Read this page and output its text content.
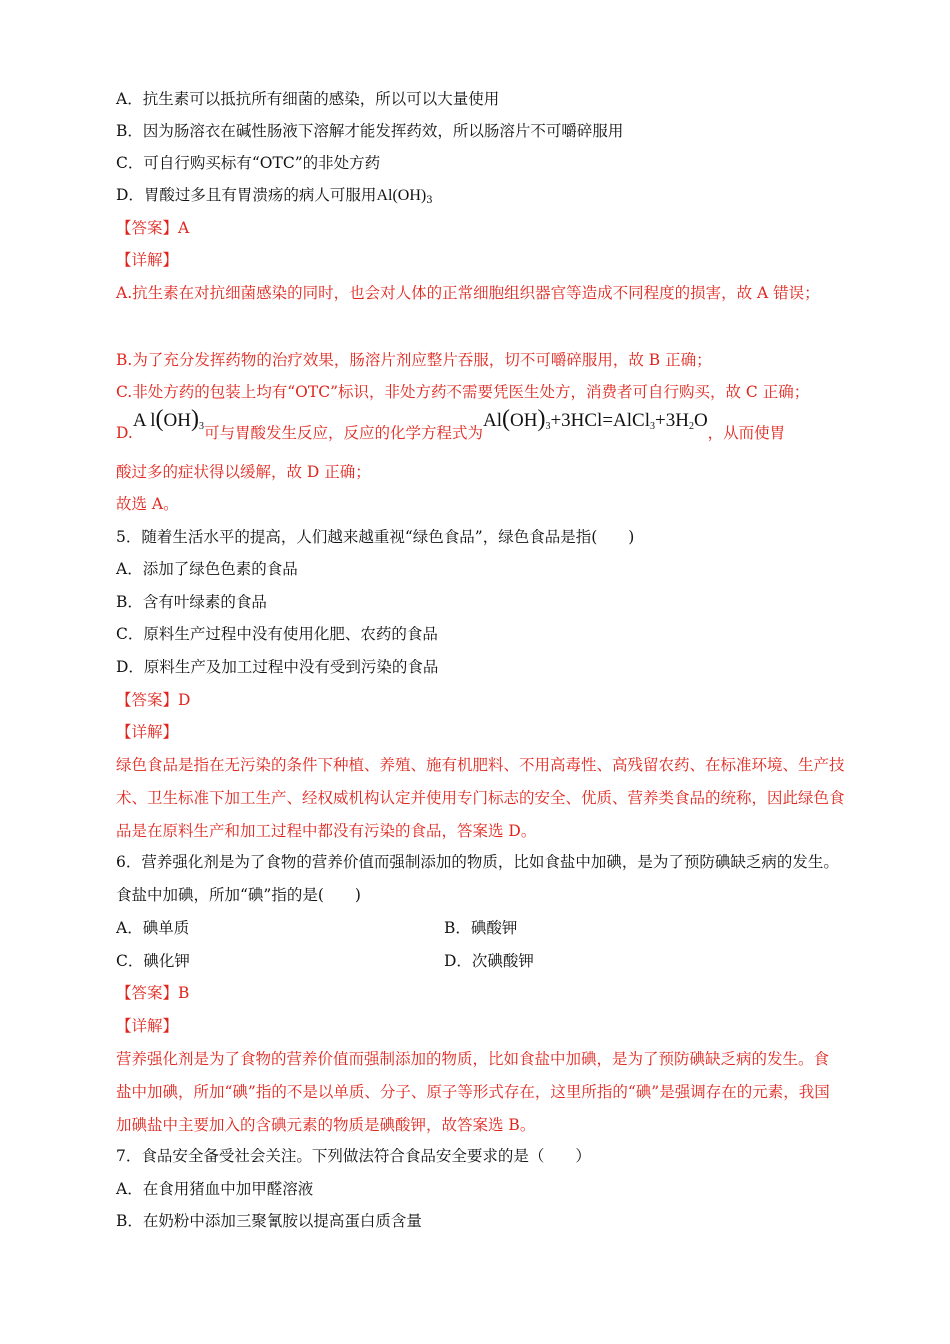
A．抗生素可以抵抗所有细菌的感染，所以可以大量使用
B．因为肠溶衣在碱性肠液下溶解才能发挥药效，所以肠溶片不可嚼碎服用
C．可自行购买标有“OTC”的非处方药
D．胃酸过多且有胃溃疡的病人可服用$Al(OH)_3$
【答案】A
【详解】
A.抗生素在对抗细菌感染的同时，也会对人体的正常细胞组织器官等造成不同程度的损害，故 A 错误；
B.为了充分发挥药物的治疗效果，肠溶片剂应整片吞服，切不可嚼碎服用，故 B 正确；
C.非处方药的包装上均有“OTC”标识，非处方药不需要凭医生处方，消费者可自行购买，故 C 正确；
D.A $l(OH)_3$可与胃酸发生反应，反应的化学方程式为$Al(OH)_3+3HCl=AlCl_3+3H_2O$，从而使胃
酸过多的症状得以缓解，故 D 正确；
故选 A。
5．随着生活水平的提高，人们越来越重视“绿色食品”，绿色食品是指(　　)
A．添加了绿色色素的食品
B．含有叶绿素的食品
C．原料生产过程中没有使用化肥、农药的食品
D．原料生产及加工过程中没有受到污染的食品
【答案】D
【详解】
绿色食品是指在无污染的条件下种植、养殖、施有机肥料、不用高毒性、高残留农药、在标准环境、生产技术、卫生标准下加工生产、经权威机构认定并使用专门标志的安全、优质、营养类食品的统称，因此绿色食品是在原料生产和加工过程中都没有污染的食品，答案选 D。
6．营养强化剂是为了食物的营养价值而强制添加的物质，比如食盐中加碘，是为了预防碘缺乏病的发生。食盐中加碘，所加“碘”指的是(　　)
A．碘单质	B．碘酸钾
C．碘化钾	D．次碘酸钾
【答案】B
【详解】
营养强化剂是为了食物的营养价值而强制添加的物质，比如食盐中加碘，是为了预防碘缺乏病的发生。食盐中加碘，所加“碘”指的不是以单质、分子、原子等形式存在，这里所指的“碘”是强调存在的元素，我国加碘盐中主要加入的含碘元素的物质是碘酸钾，故答案选 B。
7．食品安全备受社会关注。下列做法符合食品安全要求的是（　　）
A．在食用猪血中加甲醛溶液
B．在奶粉中添加三聚氰胺以提高蛋白质含量
